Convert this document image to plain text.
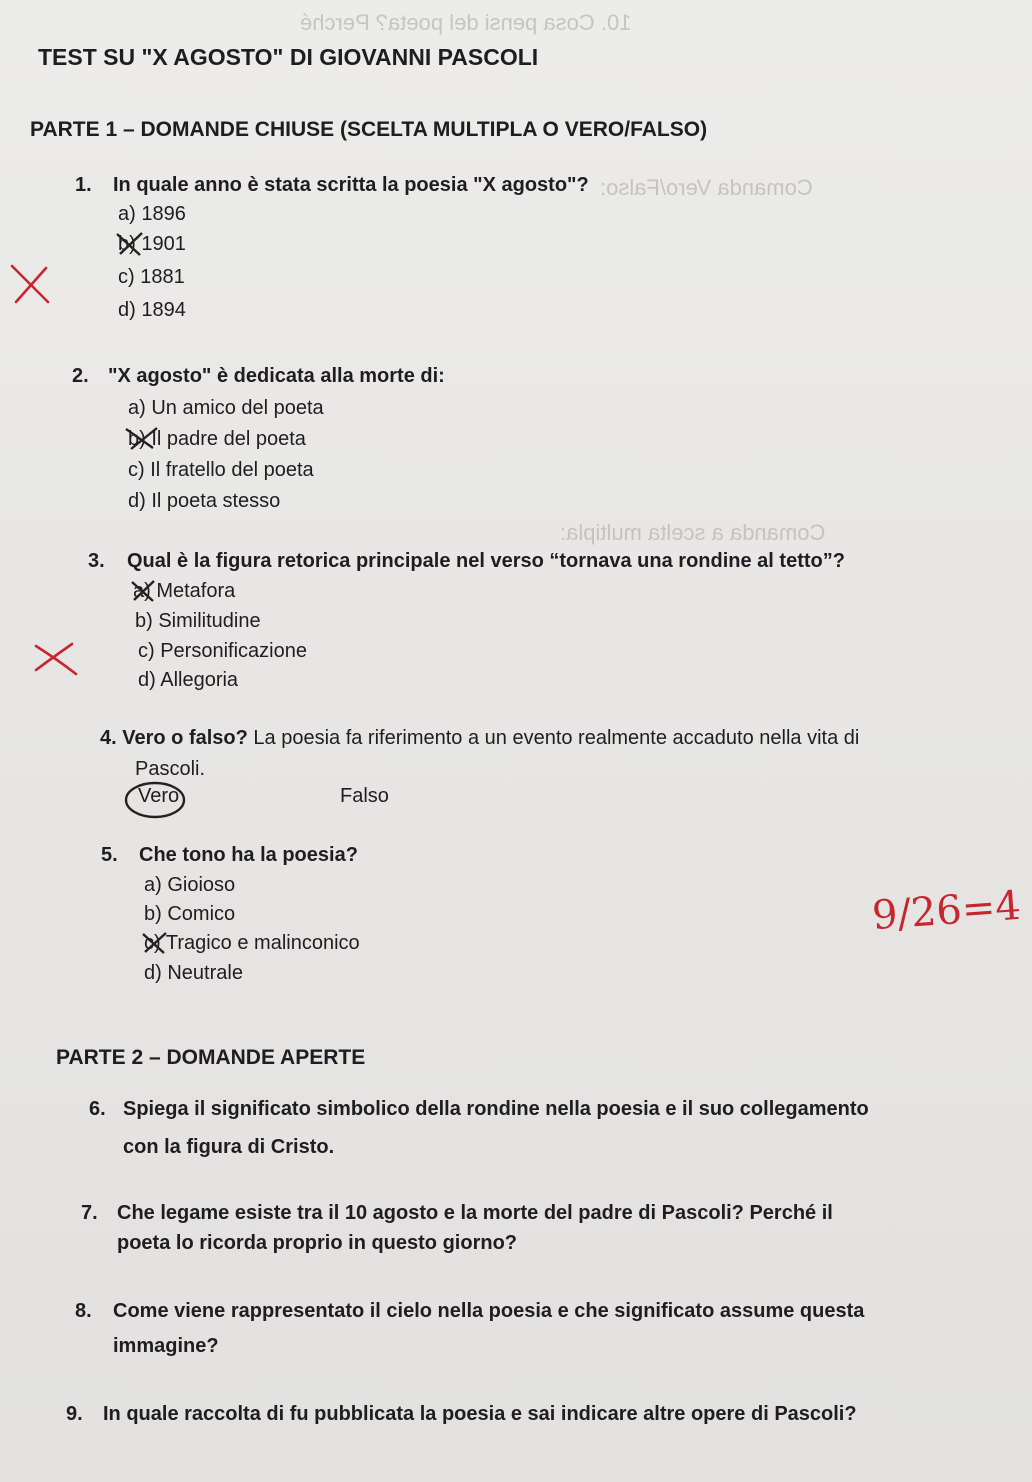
10. Cosa pensi del poeta? Perché
Comanda Vero/Falso:
Comanda a scelta multipla:
TEST SU "X AGOSTO" DI GIOVANNI PASCOLI
PARTE 1 – DOMANDE CHIUSE (SCELTA MULTIPLA O VERO/FALSO)
1. In quale anno è stata scritta la poesia "X agosto"?
a) 1896
b) 1901
c) 1881
d) 1894
2. "X agosto" è dedicata alla morte di:
a) Un amico del poeta
b) Il padre del poeta
c) Il fratello del poeta
d) Il poeta stesso
3. Qual è la figura retorica principale nel verso “tornava una rondine al tetto”?
a) Metafora
b) Similitudine
c) Personificazione
d) Allegoria
4. Vero o falso? La poesia fa riferimento a un evento realmente accaduto nella vita di
Pascoli.
Vero	Falso
5. Che tono ha la poesia?
a) Gioioso
b) Comico
c) Tragico e malinconico
d) Neutrale
PARTE 2 – DOMANDE APERTE
6. Spiega il significato simbolico della rondine nella poesia e il suo collegamento
con la figura di Cristo.
7. Che legame esiste tra il 10 agosto e la morte del padre di Pascoli? Perché il
poeta lo ricorda proprio in questo giorno?
8. Come viene rappresentato il cielo nella poesia e che significato assume questa
immagine?
9. In quale raccolta di fu pubblicata la poesia e sai indicare altre opere di Pascoli?
9/26=4
